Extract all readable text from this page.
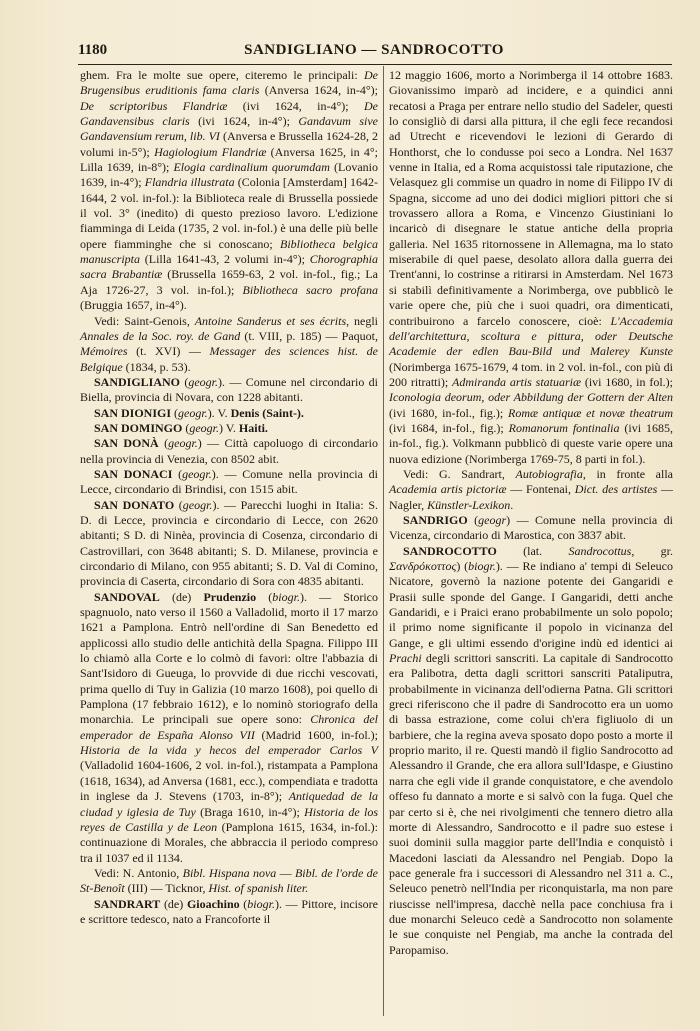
1180	SANDIGLIANO — SANDROCOTTO

ghem. Fra le molte sue opere, citeremo le principali: De Brugensibus eruditionis fama claris (Anversa 1624, in-4°); De scriptoribus Flandriæ (ivi 1624, in-4°); De Gandavensibus claris (ivi 1624, in-4°); Gandavum sive Gandavensium rerum, lib. VI (Anversa e Brussella 1624-28, 2 volumi in-5°); Hagiologium Flandriæ (Anversa 1625, in 4°; Lilla 1639, in-8°); Elogia cardinalium quorumdam (Lovanio 1639, in-4°); Flandria illustrata (Colonia [Amsterdam] 1642-1644, 2 vol. in-fol.): la Biblioteca reale di Brussella possiede il vol. 3° (inedito) di questo prezioso lavoro. L'edizione fiamminga di Leida (1735, 2 vol. in-fol.) è una delle più belle opere fiamminghe che si conoscano; Bibliotheca belgica manuscripta (Lilla 1641-43, 2 volumi in-4°); Chorographia sacra Brabantiæ (Brussella 1659-63, 2 vol. in-fol., fig.; La Aja 1726-27, 3 vol. in-fol.); Bibliotheca sacro profana (Bruggia 1657, in-4°).

Vedi: Saint-Genois, Antoine Sanderus et ses écrits, negli Annales de la Soc. roy. de Gand (t. VIII, p. 185) — Paquot, Mémoires (t. XVI) — Messager des sciences hist. de Belgique (1834, p. 53).

SANDIGLIANO (geogr.). — Comune nel circondario di Biella, provincia di Novara, con 1228 abitanti.

SAN DIONIGI (geogr.). V. Denis (Saint-).

SAN DOMINGO (geogr.) V. Haiti.

SAN DONÀ (geogr.) — Città capoluogo di circondario nella provincia di Venezia, con 8502 abit.

SAN DONACI (geogr.). — Comune nella provincia di Lecce, circondario di Brindisi, con 1515 abit.

SAN DONATO (geogr.). — Parecchi luoghi in Italia: S. D. di Lecce, provincia e circondario di Lecce, con 2620 abitanti; S D. di Ninèa, provincia di Cosenza, circondario di Castrovillari, con 3648 abitanti; S. D. Milanese, provincia e circondario di Milano, con 955 abitanti; S. D. Val di Comino, provincia di Caserta, circondario di Sora con 4835 abitanti.

SANDOVAL (de) Prudenzio (biogr.). — Storico spagnuolo, nato verso il 1560 a Valladolid, morto il 17 marzo 1621 a Pamplona. Entrò nell'ordine di San Benedetto ed applicossi allo studio delle antichità della Spagna. Filippo III lo chiamò alla Corte e lo colmò di favori: oltre l'abbazia di Sant'Isidoro di Gueuga, lo provvide di due ricchi vescovati, prima quello di Tuy in Galizia (10 marzo 1608), poi quello di Pamplona (17 febbraio 1612), e lo nominò storiografo della monarchia. Le principali sue opere sono: Chronica del emperador de España Alonso VII (Madrid 1600, in-fol.); Historia de la vida y hecos del emperador Carlos V (Valladolid 1604-1606, 2 vol. in-fol.), ristampata a Pamplona (1618, 1634), ad Anversa (1681, ecc.), compendiata e tradotta in inglese da J. Stevens (1703, in-8°); Antiquedad de la ciudad y iglesia de Tuy (Braga 1610, in-4°); Historia de los reyes de Castilla y de Leon (Pamplona 1615, 1634, in-fol.): continuazione di Morales, che abbraccia il periodo compreso tra il 1037 ed il 1134.

Vedi: N. Antonio, Bibl. Hispana nova — Bibl. de l'orde de St-Benoît (III) — Ticknor, Hist. of spanish liter.

SANDRART (de) Gioachino (biogr.). — Pittore, incisore e scrittore tedesco, nato a Francoforte il

12 maggio 1606, morto a Norimberga il 14 ottobre 1683. Giovanissimo imparò ad incidere, e a quindici anni recatosi a Praga per entrare nello studio del Sadeler, questi lo consigliò di darsi alla pittura, il che egli fece recandosi ad Utrecht e ricevendovi le lezioni di Gerardo di Honthorst, che lo condusse poi seco a Londra. Nel 1637 venne in Italia, ed a Roma acquistossi tale riputazione, che Velasquez gli commise un quadro in nome di Filippo IV di Spagna, siccome ad uno dei dodici migliori pittori che si trovassero allora a Roma, e Vincenzo Giustiniani lo incaricò di disegnare le statue antiche della propria galleria. Nel 1635 ritornossene in Allemagna, ma lo stato miserabile di quel paese, desolato allora dalla guerra dei Trent'anni, lo costrinse a ritirarsi in Amsterdam. Nel 1673 si stabilì definitivamente a Norimberga, ove pubblicò le varie opere che, più che i suoi quadri, ora dimenticati, contribuirono a farcelo conoscere, cioè: L'Accademia dell'architettura, scoltura e pittura, oder Deutsche Academie der edlen Bau-Bild und Malerey Kunste (Norimberga 1675-1679, 4 tom. in 2 vol. in-fol., con più di 200 ritratti); Admiranda artis statuariæ (ivi 1680, in fol.); Iconologia deorum, oder Abbildung der Gottern der Alten (ivi 1680, in-fol., fig.); Romæ antiquæ et novæ theatrum (ivi 1684, in-fol., fig.); Romanorum fontinalia (ivi 1685, in-fol., fig.). Volkmann pubblicò di queste varie opere una nuova edizione (Norimberga 1769-75, 8 parti in fol.).

Vedi: G. Sandrart, Autobiografia, in fronte alla Academia artis pictoriæ — Fontenai, Dict. des artistes — Nagler, Künstler-Lexikon.

SANDRIGO (geogr) — Comune nella provincia di Vicenza, circondario di Marostica, con 3837 abit.

SANDROCOTTO (lat. Sandrocottus, gr. Σανδρόκοττος) (biogr.). — Re indiano a' tempi di Seleuco Nicatore, governò la nazione potente dei Gangaridi e Prasii sulle sponde del Gange. I Gangaridi, detti anche Gandaridi, e i Praici erano probabilmente un solo popolo; il primo nome significante il popolo in vicinanza del Gange, e gli ultimi essendo d'origine indù ed identici ai Prachi degli scrittori sanscriti. La capitale di Sandrocotto era Palibotra, detta dagli scrittori sanscriti Pataliputra, probabilmente in vicinanza dell'odierna Patna. Gli scrittori greci riferiscono che il padre di Sandrocotto era un uomo di bassa estrazione, come colui ch'era figliuolo di un barbiere, che la regina aveva sposato dopo posto a morte il proprio marito, il re. Questi mandò il figlio Sandrocotto ad Alessandro il Grande, che era allora sull'Idaspe, e Giustino narra che egli vide il grande conquistatore, e che avendolo offeso fu dannato a morte e si salvò con la fuga. Quel che par certo si è, che nei rivolgimenti che tennero dietro alla morte di Alessandro, Sandrocotto e il padre suo estese i suoi dominii sulla maggior parte dell'India e conquistò i Macedoni lasciati da Alessandro nel Pengiab. Dopo la pace generale fra i successori di Alessandro nel 311 a. C., Seleuco penetrò nell'India per riconquistarla, ma non pare riuscisse nell'impresa, dacchè nella pace conchiusa fra i due monarchi Seleuco cedè a Sandrocotto non solamente le sue conquiste nel Pengiab, ma anche la contrada del Paropamiso.
